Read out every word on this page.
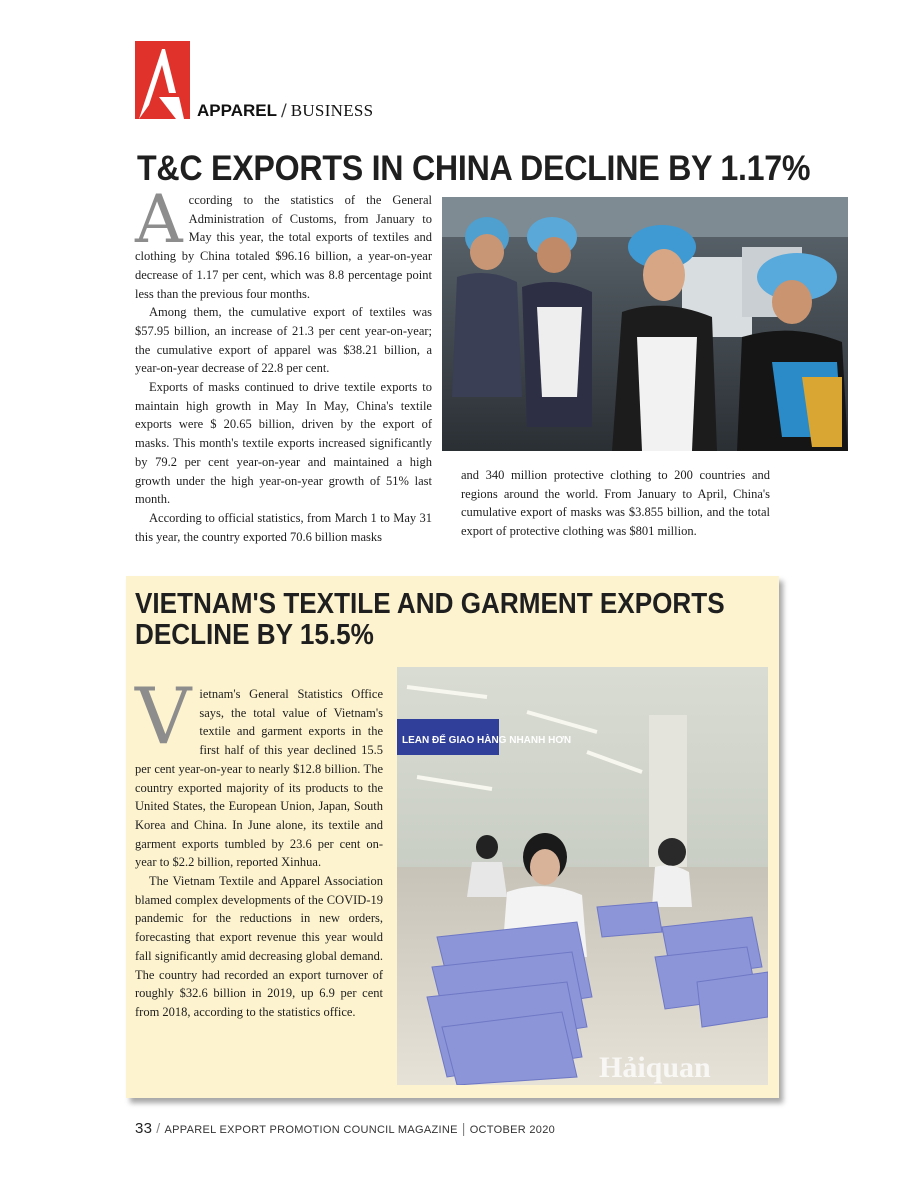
APPAREL / BUSINESS
T&C EXPORTS IN CHINA DECLINE BY 1.17%

According to the statistics of the General Administration of Customs, from January to May this year, the total exports of textiles and clothing by China totaled $96.16 billion, a year-on-year decrease of 1.17 per cent, which was 8.8 percentage point less than the previous four months.

Among them, the cumulative export of textiles was $57.95 billion, an increase of 21.3 per cent year-on-year; the cumulative export of apparel was $38.21 billion, a year-on-year decrease of 22.8 per cent.

Exports of masks continued to drive textile exports to maintain high growth in May In May, China's textile exports were $ 20.65 billion, driven by the export of masks. This month's textile exports increased significantly by 79.2 per cent year-on-year and maintained a high growth under the high year-on-year growth of 51% last month.

According to official statistics, from March 1 to May 31 this year, the country exported 70.6 billion masks

and 340 million protective clothing to 200 countries and regions around the world. From January to April, China's cumulative export of masks was $3.855 billion, and the total export of protective clothing was $801 million.

VIETNAM'S TEXTILE AND GARMENT EXPORTS
DECLINE BY 15.5%

Vietnam's General Statistics Office says, the total value of Vietnam's textile and garment exports in the first half of this year declined 15.5 per cent year-on-year to nearly $12.8 billion. The country exported majority of its products to the United States, the European Union, Japan, South Korea and China. In June alone, its textile and garment exports tumbled by 23.6 per cent on-year to $2.2 billion, reported Xinhua.

The Vietnam Textile and Apparel Association blamed complex developments of the COVID-19 pandemic for the reductions in new orders, forecasting that export revenue this year would fall significantly amid decreasing global demand. The country had recorded an export turnover of roughly $32.6 billion in 2019, up 6.9 per cent from 2018, according to the statistics office.

LEAN ĐỂ GIAO HÀNG NHANH HƠN
Hảiquan
33 / APPAREL EXPORT PROMOTION COUNCIL MAGAZINE | OCTOBER 2020
